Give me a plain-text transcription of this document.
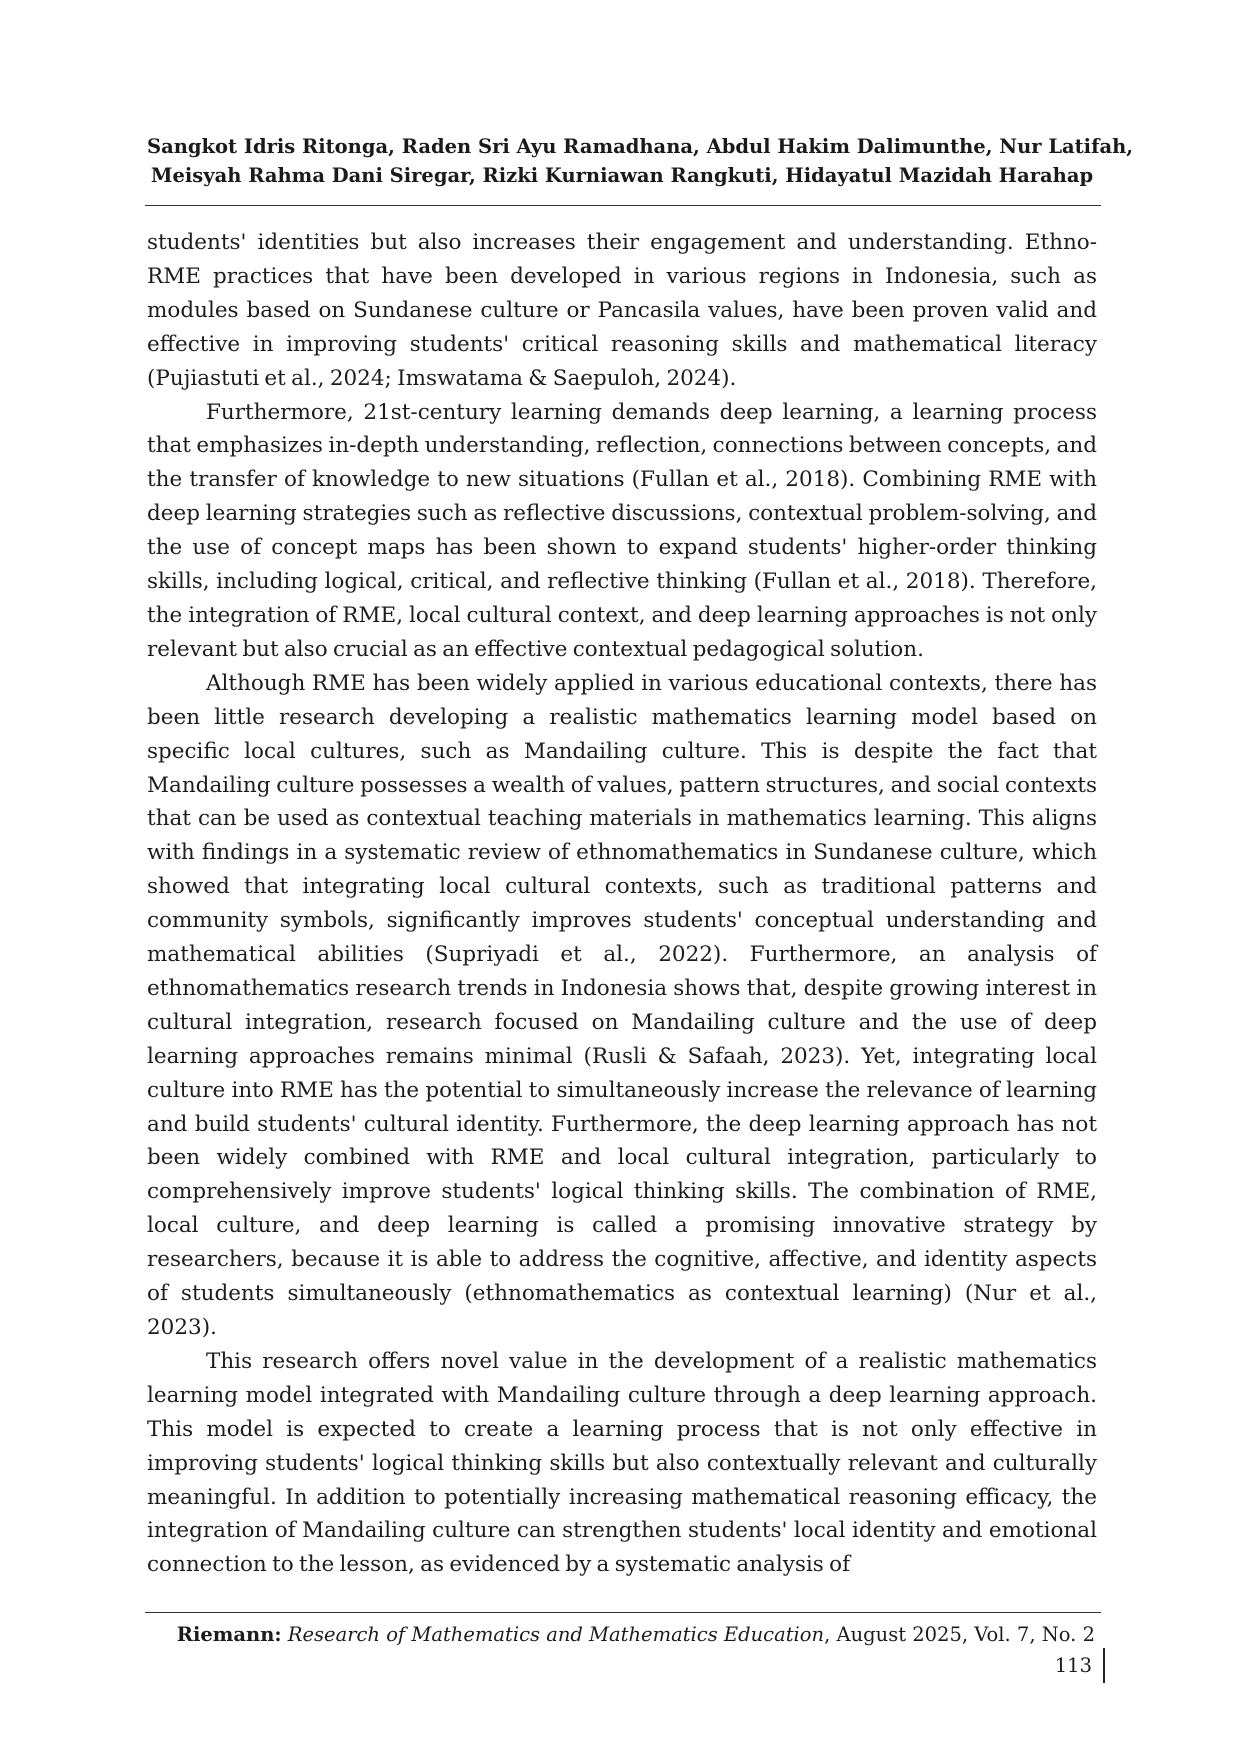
Sangkot Idris Ritonga, Raden Sri Ayu Ramadhana, Abdul Hakim Dalimunthe, Nur Latifah,
Meisyah Rahma Dani Siregar, Rizki Kurniawan Rangkuti, Hidayatul Mazidah Harahap

students' identities but also increases their engagement and understanding. Ethno-RME practices that have been developed in various regions in Indonesia, such as modules based on Sundanese culture or Pancasila values, have been proven valid and effective in improving students' critical reasoning skills and mathematical literacy (Pujiastuti et al., 2024; Imswatama & Saepuloh, 2024).

Furthermore, 21st-century learning demands deep learning, a learning process that emphasizes in-depth understanding, reflection, connections between concepts, and the transfer of knowledge to new situations (Fullan et al., 2018). Combining RME with deep learning strategies such as reflective discussions, contextual problem-solving, and the use of concept maps has been shown to expand students' higher-order thinking skills, including logical, critical, and reflective thinking (Fullan et al., 2018). Therefore, the integration of RME, local cultural context, and deep learning approaches is not only relevant but also crucial as an effective contextual pedagogical solution.

Although RME has been widely applied in various educational contexts, there has been little research developing a realistic mathematics learning model based on specific local cultures, such as Mandailing culture. This is despite the fact that Mandailing culture possesses a wealth of values, pattern structures, and social contexts that can be used as contextual teaching materials in mathematics learning. This aligns with findings in a systematic review of ethnomathematics in Sundanese culture, which showed that integrating local cultural contexts, such as traditional patterns and community symbols, significantly improves students' conceptual understanding and mathematical abilities (Supriyadi et al., 2022). Furthermore, an analysis of ethnomathematics research trends in Indonesia shows that, despite growing interest in cultural integration, research focused on Mandailing culture and the use of deep learning approaches remains minimal (Rusli & Safaah, 2023). Yet, integrating local culture into RME has the potential to simultaneously increase the relevance of learning and build students' cultural identity. Furthermore, the deep learning approach has not been widely combined with RME and local cultural integration, particularly to comprehensively improve students' logical thinking skills. The combination of RME, local culture, and deep learning is called a promising innovative strategy by researchers, because it is able to address the cognitive, affective, and identity aspects of students simultaneously (ethnomathematics as contextual learning) (Nur et al., 2023).

This research offers novel value in the development of a realistic mathematics learning model integrated with Mandailing culture through a deep learning approach. This model is expected to create a learning process that is not only effective in improving students' logical thinking skills but also contextually relevant and culturally meaningful. In addition to potentially increasing mathematical reasoning efficacy, the integration of Mandailing culture can strengthen students' local identity and emotional connection to the lesson, as evidenced by a systematic analysis of

Riemann: Research of Mathematics and Mathematics Education, August 2025, Vol. 7, No. 2
113
